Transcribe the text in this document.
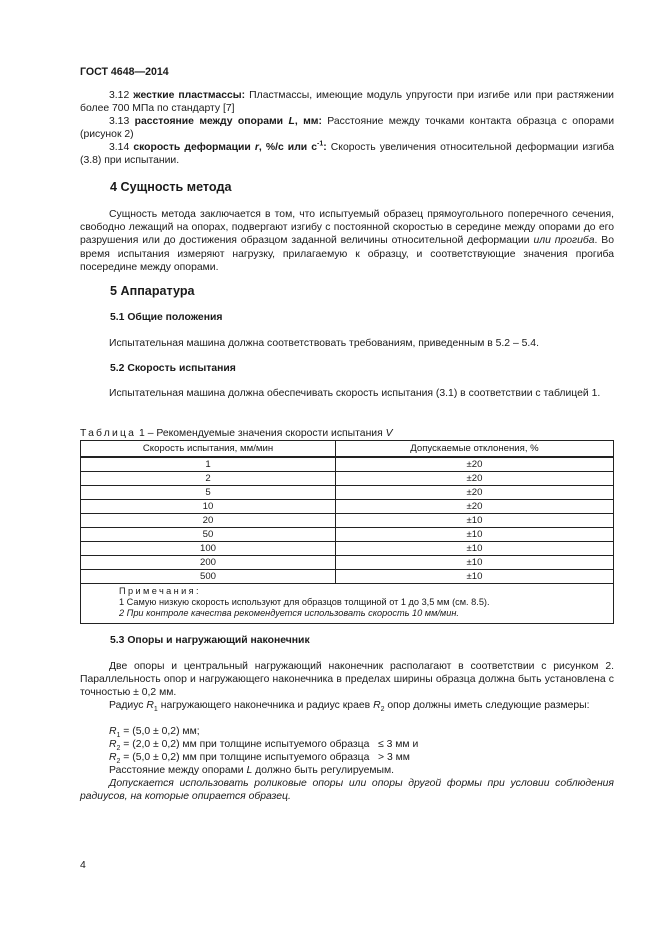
ГОСТ 4648—2014

3.12 жесткие пластмассы: Пластмассы, имеющие модуль упругости при изгибе или при растяжении более 700 МПа по стандарту [7]

3.13 расстояние между опорами L, мм: Расстояние между точками контакта образца с опорами (рисунок 2)

3.14 скорость деформации r, %/с или $с^{-1}$: Скорость увеличения относительной деформации изгиба (3.8) при испытании.

4 Сущность метода

Сущность метода заключается в том, что испытуемый образец прямоугольного поперечного сечения, свободно лежащий на опорах, подвергают изгибу с постоянной скоростью в середине между опорами до его разрушения или до достижения образцом заданной величины относительной деформации или прогиба. Во время испытания измеряют нагрузку, прилагаемую к образцу, и соответствующие значения прогиба посередине между опорами.

5 Аппаратура
5.1 Общие положения

Испытательная машина должна соответствовать требованиям, приведенным в 5.2 – 5.4.

5.2 Скорость испытания

Испытательная машина должна обеспечивать скорость испытания (3.1) в соответствии с таблицей 1.

Таблица 1 – Рекомендуемые значения скорости испытания V
Скорость испытания, мм/мин	Допускаемые отклонения, %
1	±20
2	±20
5	±20
10	±20
20	±10
50	±10
100	±10
200	±10
500	±10

Примечания:
1 Самую низкую скорость используют для образцов толщиной от 1 до 3,5 мм (см. 8.5).
2 При контроле качества рекомендуется использовать скорость 10 мм/мин.	
5.3 Опоры и нагружающий наконечник

Две опоры и центральный нагружающий наконечник располагают в соответствии с рисунком 2. Параллельность опор и нагружающего наконечника в пределах ширины образца должна быть установлена с точностью ± 0,2 мм.

Радиус $R_1$ нагружающего наконечника и радиус краев $R_2$ опор должны иметь следующие размеры:

$R_1 = (5,0 \pm 0,2)$ мм;

$R_2 = (2,0 \pm 0,2)$ мм при толщине испытуемого образца   ≤ 3 мм и

$R_2 = (5,0 \pm 0,2)$ мм при толщине испытуемого образца   > 3 мм

Расстояние между опорами L должно быть регулируемым.

Допускается использовать роликовые опоры или опоры другой формы при условии соблюдения радиусов, на которые опирается образец.

4
